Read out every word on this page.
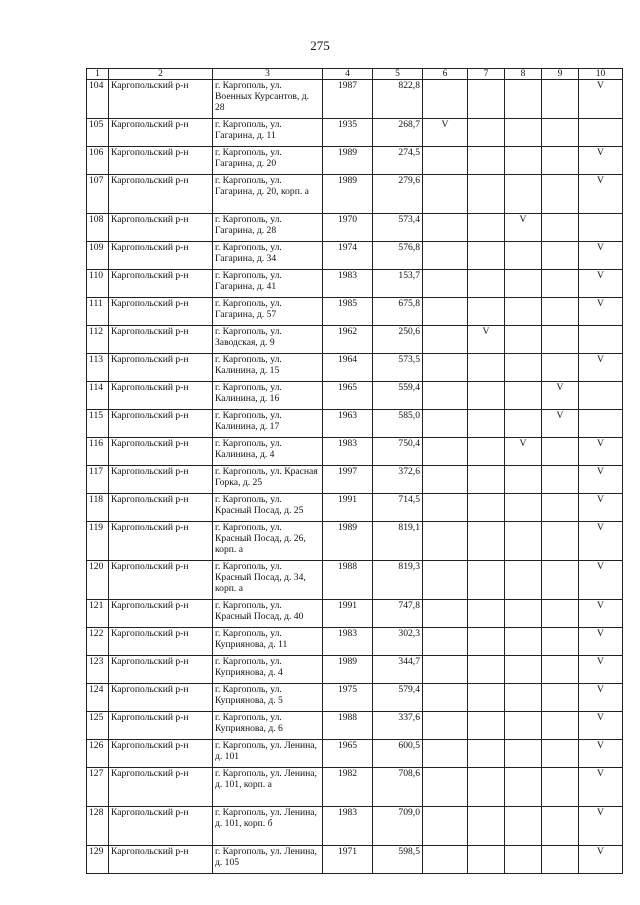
275
1	2	3	4	5	6	7	8	9	10
104	Каргопольский р-н	г. Каргополь, ул. Военных Курсантов, д. 28	1987	822,8					V
105	Каргопольский р-н	г. Каргополь, ул. Гагарина, д. 11	1935	268,7	V				
106	Каргопольский р-н	г. Каргополь, ул. Гагарина, д. 20	1989	274,5					V
107	Каргопольский р-н	г. Каргополь, ул. Гагарина, д. 20, корп. а	1989	279,6					V
108	Каргопольский р-н	г. Каргополь, ул. Гагарина, д. 28	1970	573,4			V		
109	Каргопольский р-н	г. Каргополь, ул. Гагарина, д. 34	1974	576,8					V
110	Каргопольский р-н	г. Каргополь, ул. Гагарина, д. 41	1983	153,7					V
111	Каргопольский р-н	г. Каргополь, ул. Гагарина, д. 57	1985	675,8					V
112	Каргопольский р-н	г. Каргополь, ул. Заводская, д. 9	1962	250,6		V			
113	Каргопольский р-н	г. Каргополь, ул. Калинина, д. 15	1964	573,5					V
114	Каргопольский р-н	г. Каргополь, ул. Калинина, д. 16	1965	559,4				V	
115	Каргопольский р-н	г. Каргополь, ул. Калинина, д. 17	1963	585,0				V	
116	Каргопольский р-н	г. Каргополь, ул. Калинина, д. 4	1983	750,4			V		V
117	Каргопольский р-н	г. Каргополь, ул. Красная Горка, д. 25	1997	372,6					V
118	Каргопольский р-н	г. Каргополь, ул. Красный Посад, д. 25	1991	714,5					V
119	Каргопольский р-н	г. Каргополь, ул. Красный Посад, д. 26, корп. а	1989	819,1					V
120	Каргопольский р-н	г. Каргополь, ул. Красный Посад, д. 34, корп. а	1988	819,3					V
121	Каргопольский р-н	г. Каргополь, ул. Красный Посад, д. 40	1991	747,8					V
122	Каргопольский р-н	г. Каргополь, ул. Куприянова, д. 11	1983	302,3					V
123	Каргопольский р-н	г. Каргополь, ул. Куприянова, д. 4	1989	344,7					V
124	Каргопольский р-н	г. Каргополь, ул. Куприянова, д. 5	1975	579,4					V
125	Каргопольский р-н	г. Каргополь, ул. Куприянова, д. 6	1988	337,6					V
126	Каргопольский р-н	г. Каргополь, ул. Ленина, д. 101	1965	600,5					V
127	Каргопольский р-н	г. Каргополь, ул. Ленина, д. 101, корп. а	1982	708,6					V
128	Каргопольский р-н	г. Каргополь, ул. Ленина, д. 101, корп. б	1983	709,0					V
129	Каргопольский р-н	г. Каргополь, ул. Ленина, д. 105	1971	598,5					V
